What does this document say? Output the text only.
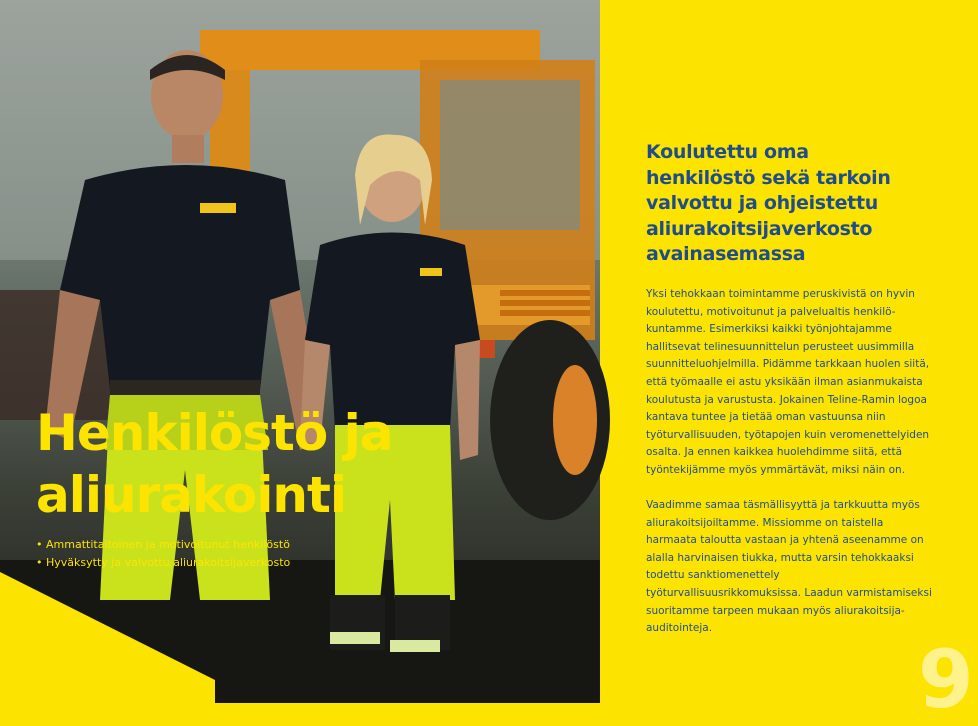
Henkilöstö ja
aliurakointi
• Ammattitaitoinen ja motivoitunut henkilöstö
• Hyväksytty ja valvottu aliurakoitsijaverkosto
Koulutettu oma
henkilöstö sekä tarkoin
valvottu ja ohjeistettu
aliurakoitsijaverkosto
avainasemassa

Yksi tehokkaan toimintamme peruskivistä on hyvin koulutettu, motivoitunut ja palvelualtis henkilö-kuntamme. Esimerkiksi kaikki työnjohtajamme hallitsevat telinesuunnittelun perusteet uusimmilla suunnitteluohjelmilla. Pidämme tarkkaan huolen siitä, että työmaalle ei astu yksikään ilman asianmukaista koulutusta ja varustusta. Jokainen Teline-Ramin logoa kantava tuntee ja tietää oman vastuunsa niin työturvallisuuden, työtapojen kuin veromenettelyiden osalta. Ja ennen kaikkea huolehdimme siitä, että työntekijämme myös ymmärtävät, miksi näin on.

Vaadimme samaa täsmällisyyttä ja tarkkuutta myös aliurakoitsijoiltamme. Missiomme on taistella harmaata taloutta vastaan ja yhtenä aseenamme on alalla harvinaisen tiukka, mutta varsin tehokkaaksi todettu sanktiomenettely työturvallisuusrikkomuksissa. Laadun varmistamiseksi suoritamme tarpeen mukaan myös aliurakoitsija-auditointeja.

9
